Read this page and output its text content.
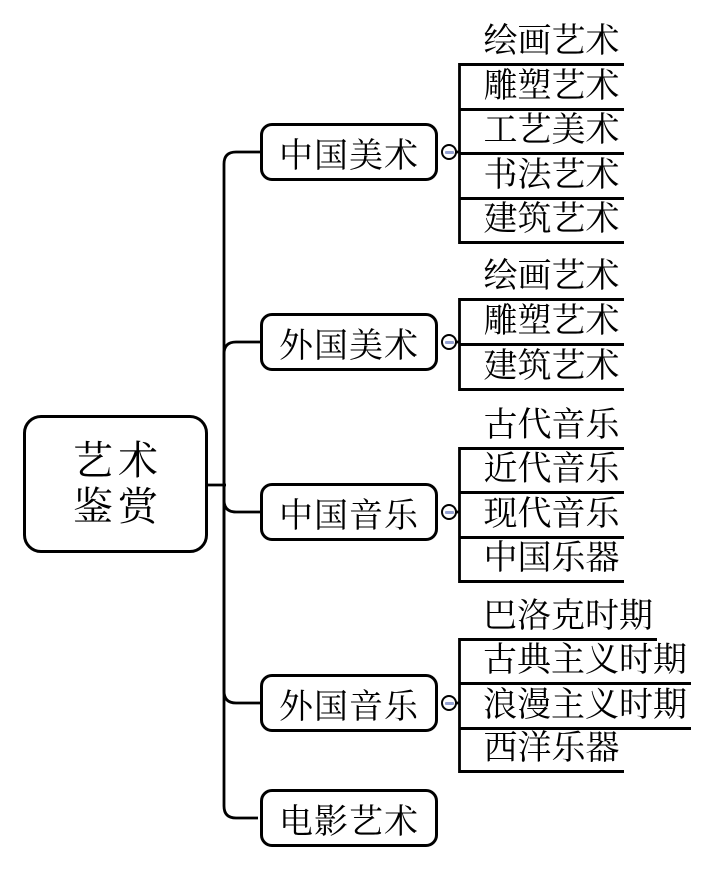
艺术
鉴赏
中国美术
外国美术
中国音乐
外国音乐
电影艺术
绘画艺术
雕塑艺术
工艺美术
书法艺术
建筑艺术
绘画艺术
雕塑艺术
建筑艺术
古代音乐
近代音乐
现代音乐
中国乐器
巴洛克时期
古典主义时期
浪漫主义时期
西洋乐器
